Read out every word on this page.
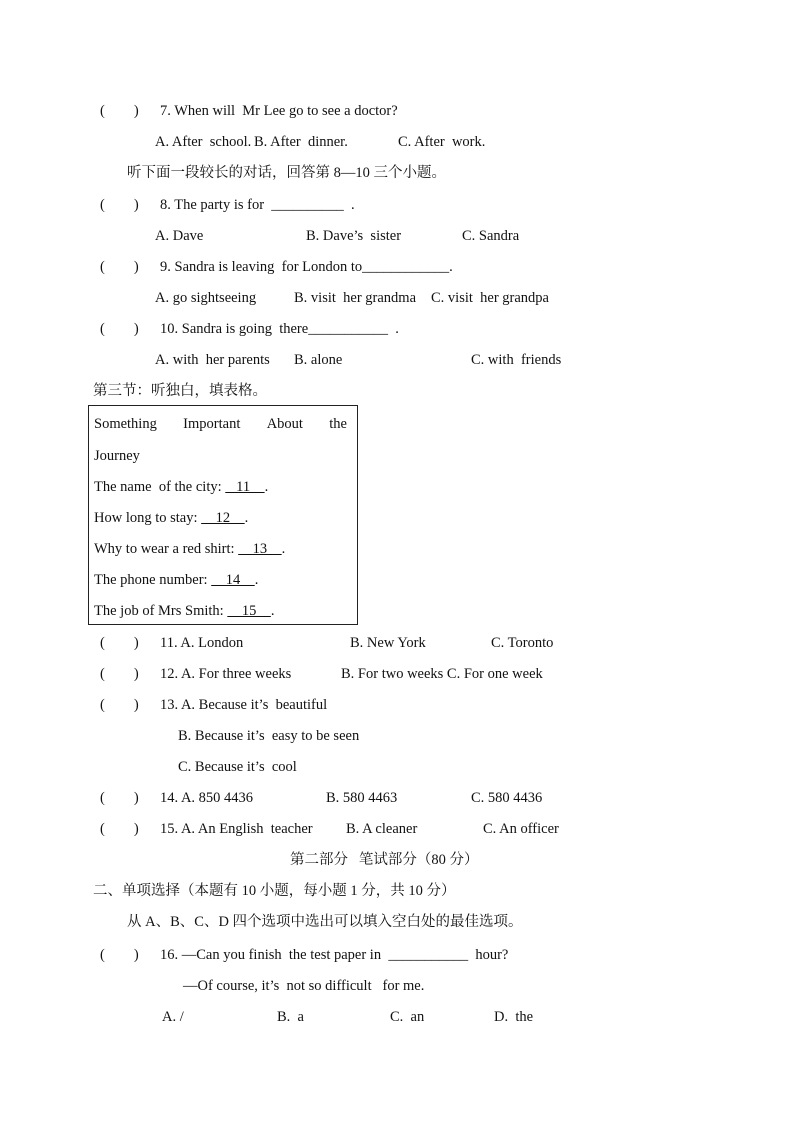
(        ) 7. When will  Mr Lee go to see a doctor?
A. After  school. B. After  dinner.	C. After  work.
听下面一段较长的对话，回答第 8—10 三个小题。
(        ) 8. The party is for  __________  .
A. Dave	B. Dave’s  sister	C. Sandra
(        ) 9. Sandra is leaving  for London to____________.
A. go sightseeing	B. visit  her grandma C. visit  her grandpa
(        ) 10. Sandra is going  there___________  .
A. with  her parents B. alone	C. with  friends
第三节：听独白，填表格。
Something Important About the
Journey
The name  of the city:    11    .
How long to stay:     12    .
Why to wear a red shirt:     13    .
The phone number:     14    .
The job of Mrs Smith:     15    .
(        ) 11. A. London	B. New York	C. Toronto
(        ) 12. A. For three weeks	B. For two weeks C. For one week
(        ) 13. A. Because it’s  beautiful
B. Because it’s  easy to be seen
C. Because it’s  cool
(        ) 14. A. 850 4436	B. 580 4463	C. 580 4436
(        ) 15. A. An English  teacher B. A cleaner	C. An officer
第二部分   笔试部分（80 分）
二、单项选择（本题有 10 小题，每小题 1 分，共 10 分）
从 A、B、C、D 四个选项中选出可以填入空白处的最佳选项。
(        ) 16. —Can you finish  the test paper in  ___________  hour?
—Of course, it’s  not so difficult   for me.
A. /	B.  a	C.  an	D.  the
